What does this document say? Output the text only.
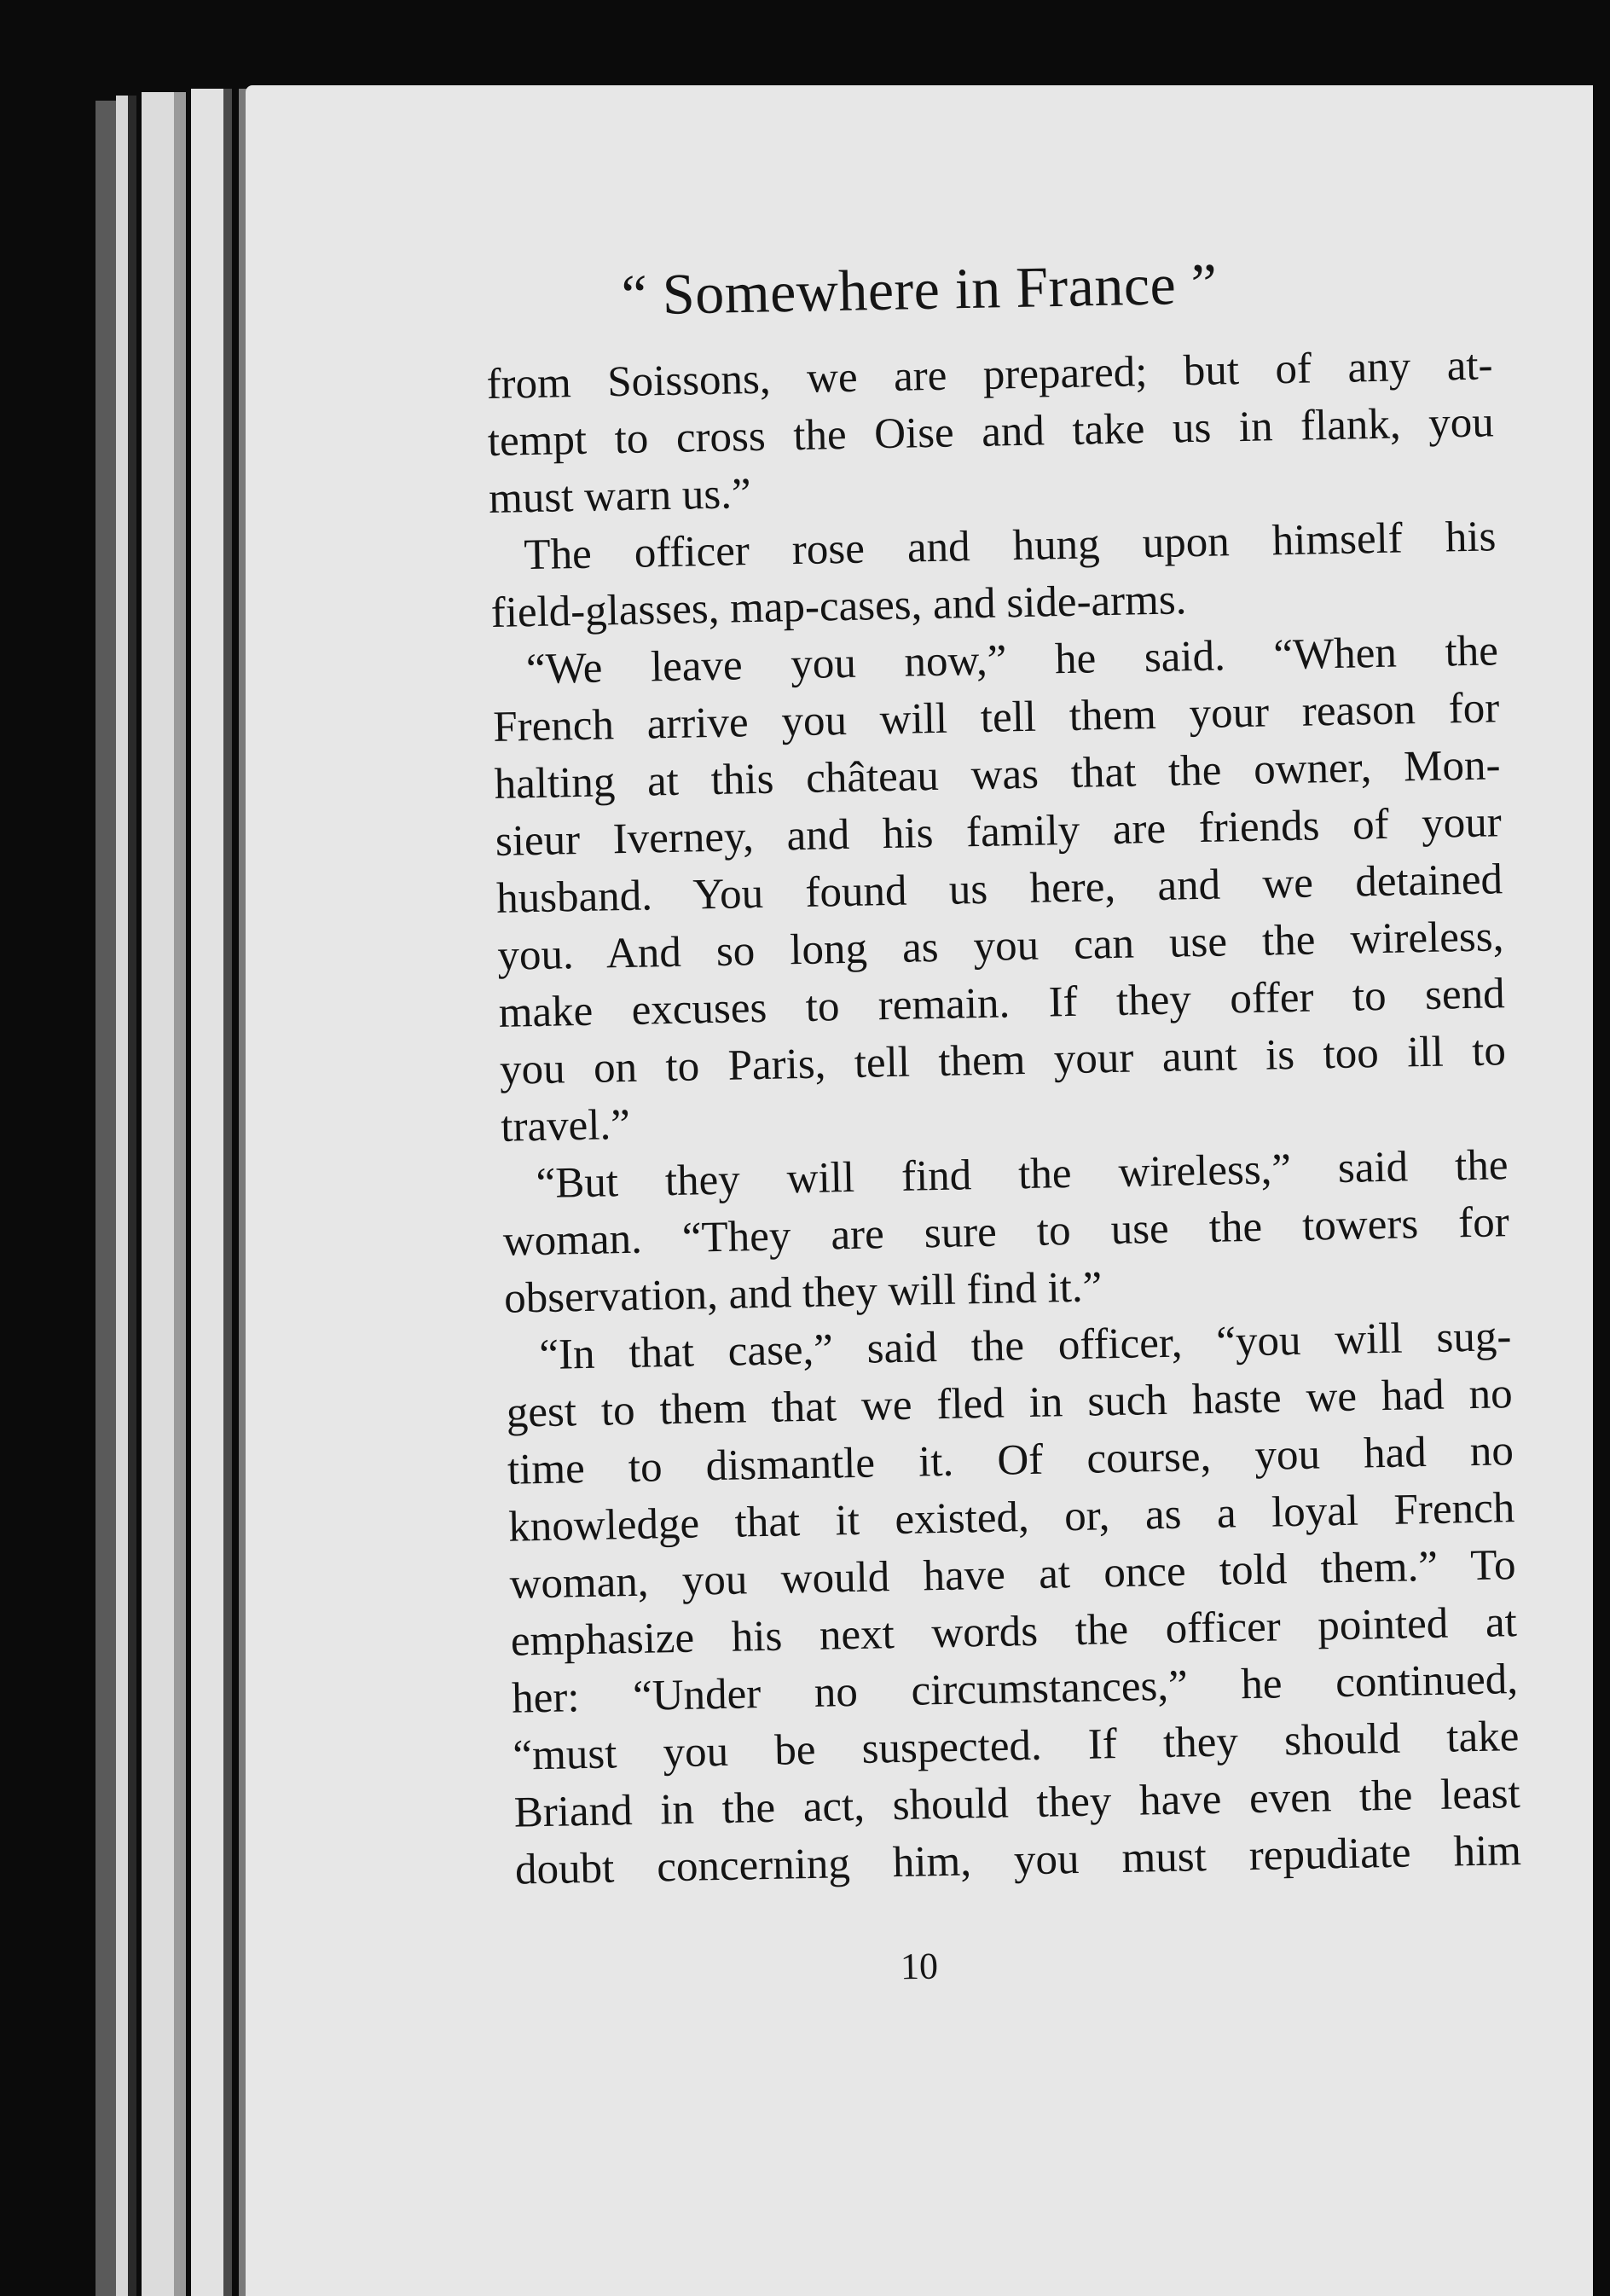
“ Somewhere in France ”
from Soissons, we are prepared; but of any at-
tempt to cross the Oise and take us in flank, you
must warn us.”
The officer rose and hung upon himself his
field-glasses, map-cases, and side-arms.
“We leave you now,” he said. “When the
French arrive you will tell them your reason for
halting at this château was that the owner, Mon-
sieur Iverney, and his family are friends of your
husband. You found us here, and we detained
you. And so long as you can use the wireless,
make excuses to remain. If they offer to send
you on to Paris, tell them your aunt is too ill to
travel.”
“But they will find the wireless,” said the
woman. “They are sure to use the towers for
observation, and they will find it.”
“In that case,” said the officer, “you will sug-
gest to them that we fled in such haste we had no
time to dismantle it. Of course, you had no
knowledge that it existed, or, as a loyal French
woman, you would have at once told them.” To
emphasize his next words the officer pointed at
her: “Under no circumstances,” he continued,
“must you be suspected. If they should take
Briand in the act, should they have even the least
doubt concerning him, you must repudiate him

10
